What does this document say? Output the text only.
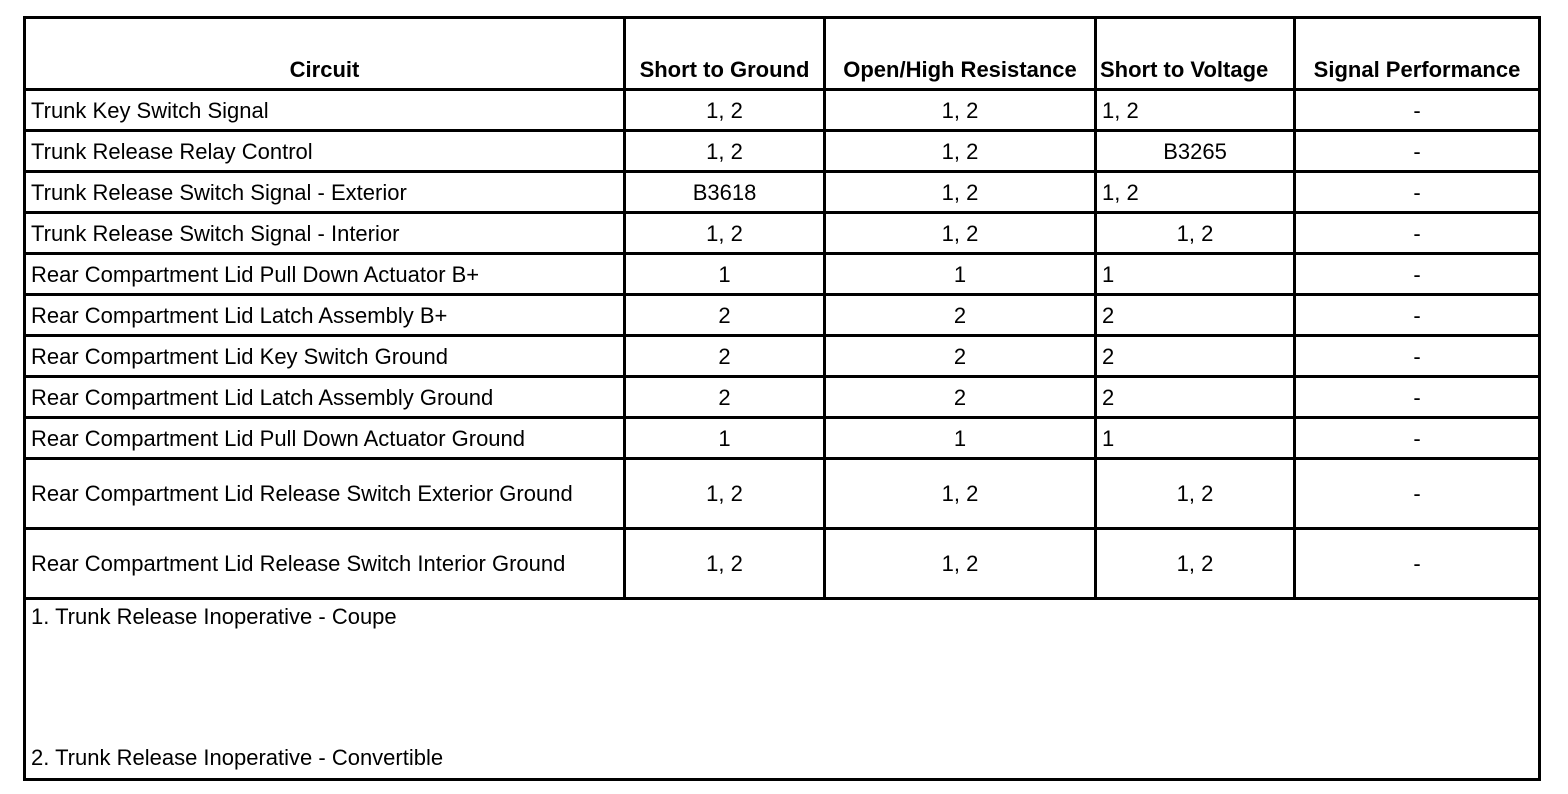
Circuit	Short to Ground	Open/High Resistance	Short to Voltage	Signal Performance
Trunk Key Switch Signal	1, 2	1, 2	1, 2	-
Trunk Release Relay Control	1, 2	1, 2	B3265	-
Trunk Release Switch Signal - Exterior	B3618	1, 2	1, 2	-
Trunk Release Switch Signal - Interior	1, 2	1, 2	1, 2	-
Rear Compartment Lid Pull Down Actuator B+	1	1	1	-
Rear Compartment Lid Latch Assembly B+	2	2	2	-
Rear Compartment Lid Key Switch Ground	2	2	2	-
Rear Compartment Lid Latch Assembly Ground	2	2	2	-
Rear Compartment Lid Pull Down Actuator Ground	1	1	1	-
Rear Compartment Lid Release Switch Exterior Ground	1, 2	1, 2	1, 2	-
Rear Compartment Lid Release Switch Interior Ground	1, 2	1, 2	1, 2	-

1. Trunk Release Inoperative - Coupe
2. Trunk Release Inoperative - Convertible				
